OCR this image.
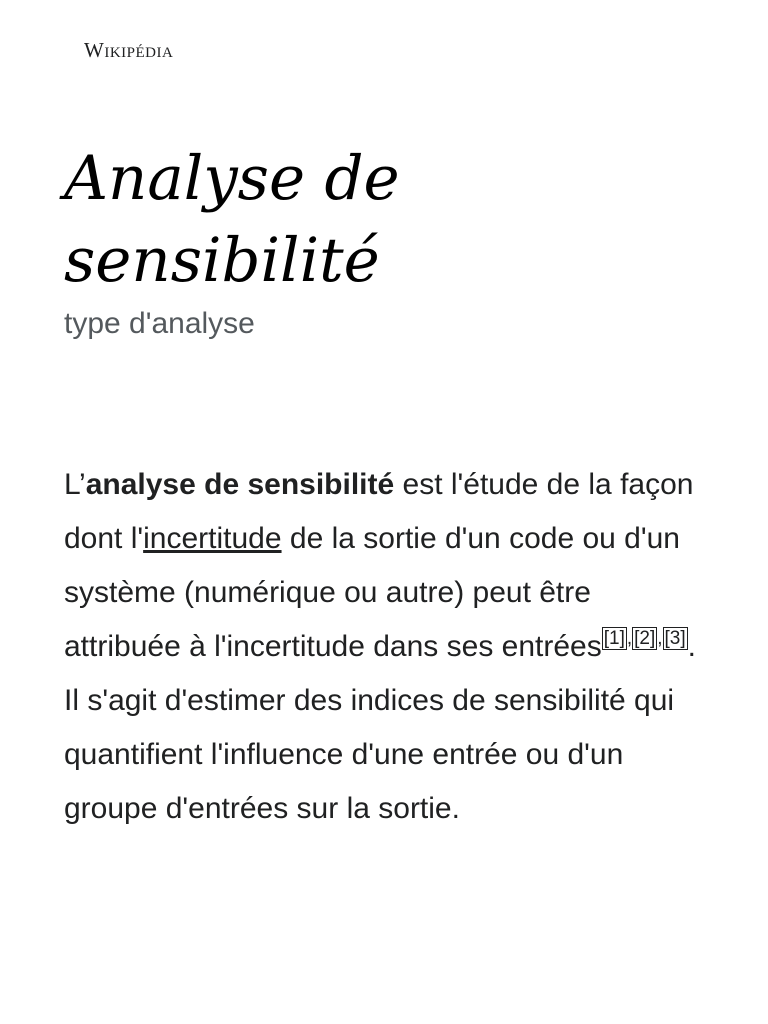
Wikipédia
Analyse de
sensibilité
type d'analyse

L’analyse de sensibilité est l'étude de la façon dont l'incertitude de la sortie d'un code ou d'un système (numérique ou autre) peut être attribuée à l'incertitude dans ses entrées [1] , [2] , [3]. Il s'agit d'estimer des indices de sensibilité qui quantifient l'influence d'une entrée ou d'un groupe d'entrées sur la sortie.
